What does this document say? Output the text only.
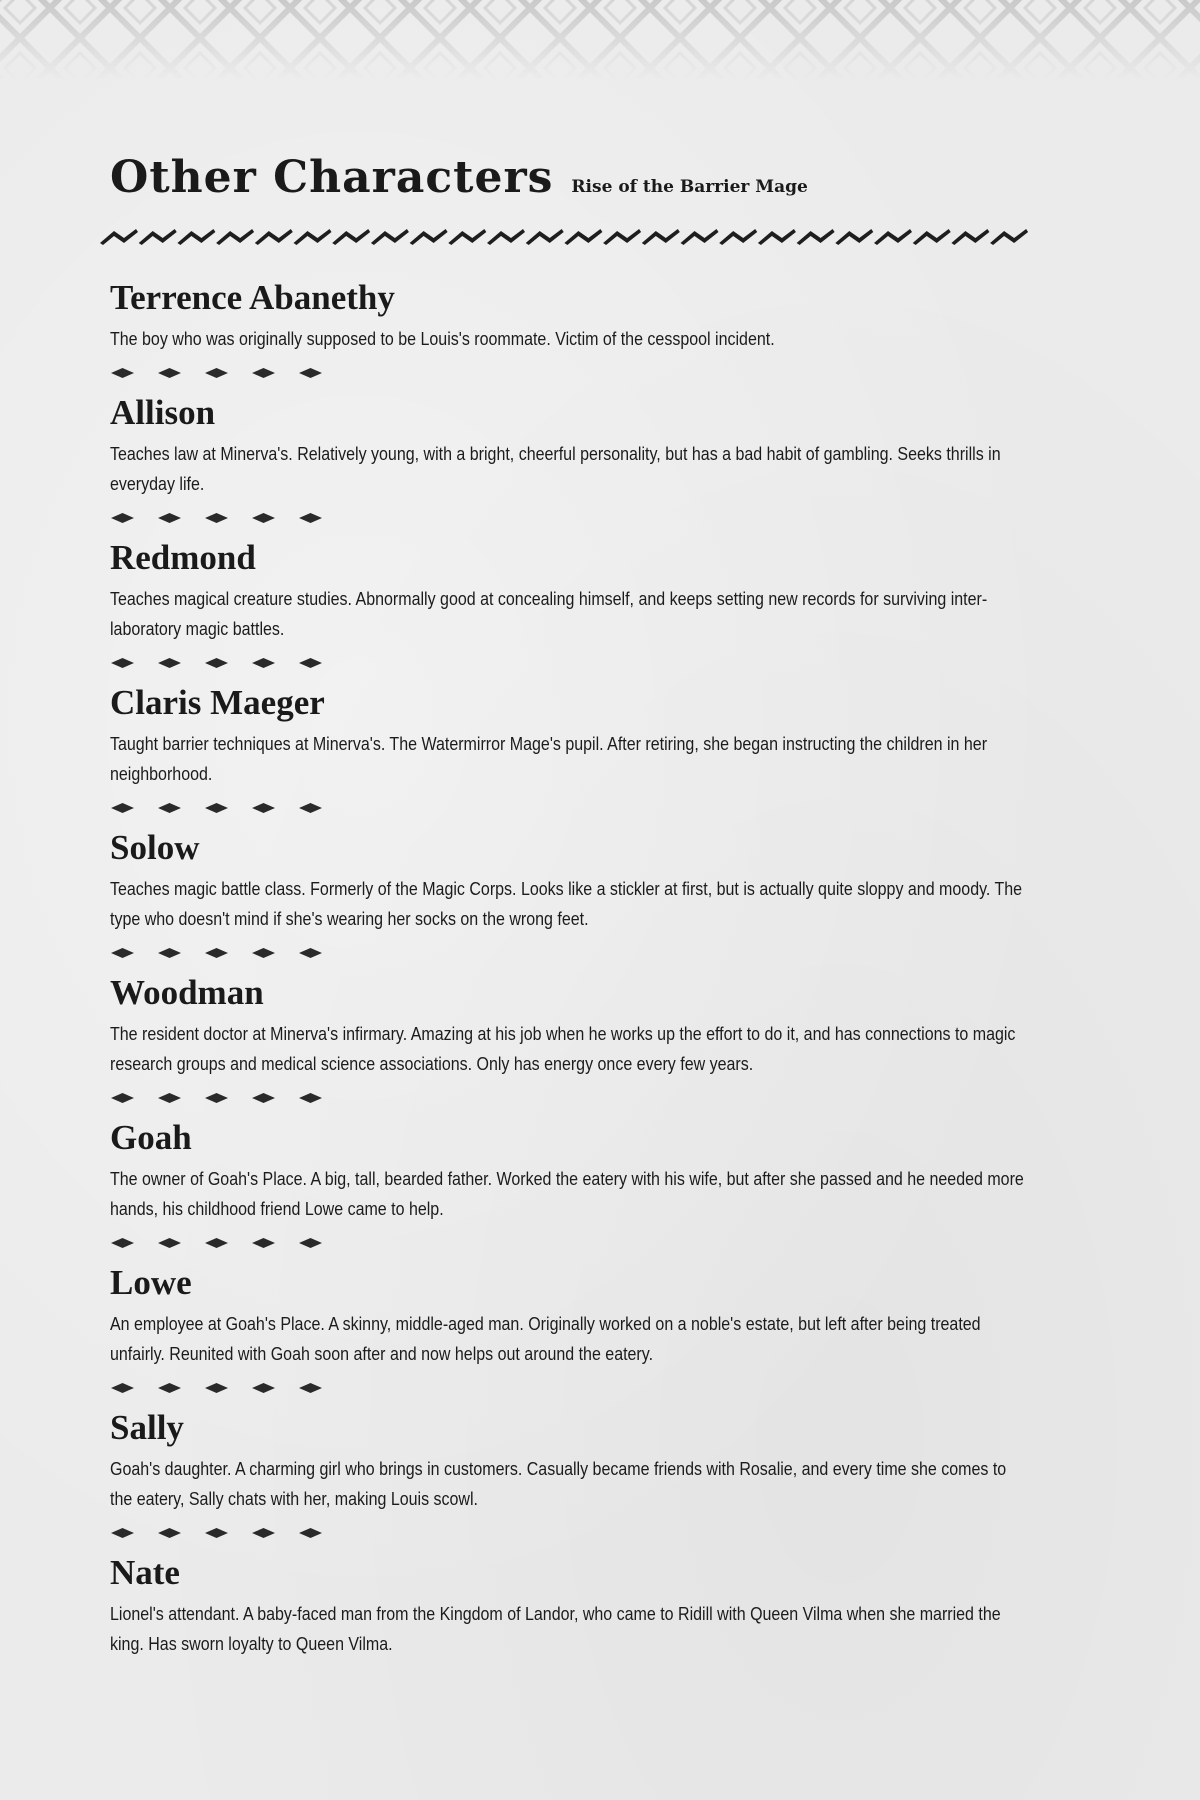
Other Characters Rise of the Barrier Mage
Terrence Abanethy

The boy who was originally supposed to be Louis's roommate. Victim of the cesspool incident.

Allison

Teaches law at Minerva's. Relatively young, with a bright, cheerful personality, but has a bad habit of gambling. Seeks thrills in everyday life.

Redmond

Teaches magical creature studies. Abnormally good at concealing himself, and keeps setting new records for surviving inter-laboratory magic battles.

Claris Maeger

Taught barrier techniques at Minerva's. The Watermirror Mage's pupil. After retiring, she began instructing the children in her neighborhood.

Solow

Teaches magic battle class. Formerly of the Magic Corps. Looks like a stickler at first, but is actually quite sloppy and moody. The type who doesn't mind if she's wearing her socks on the wrong feet.

Woodman

The resident doctor at Minerva's infirmary. Amazing at his job when he works up the effort to do it, and has connections to magic research groups and medical science associations. Only has energy once every few years.

Goah

The owner of Goah's Place. A big, tall, bearded father. Worked the eatery with his wife, but after she passed and he needed more hands, his childhood friend Lowe came to help.

Lowe

An employee at Goah's Place. A skinny, middle-aged man. Originally worked on a noble's estate, but left after being treated unfairly. Reunited with Goah soon after and now helps out around the eatery.

Sally

Goah's daughter. A charming girl who brings in customers. Casually became friends with Rosalie, and every time she comes to the eatery, Sally chats with her, making Louis scowl.

Nate

Lionel's attendant. A baby-faced man from the Kingdom of Landor, who came to Ridill with Queen Vilma when she married the king. Has sworn loyalty to Queen Vilma.
